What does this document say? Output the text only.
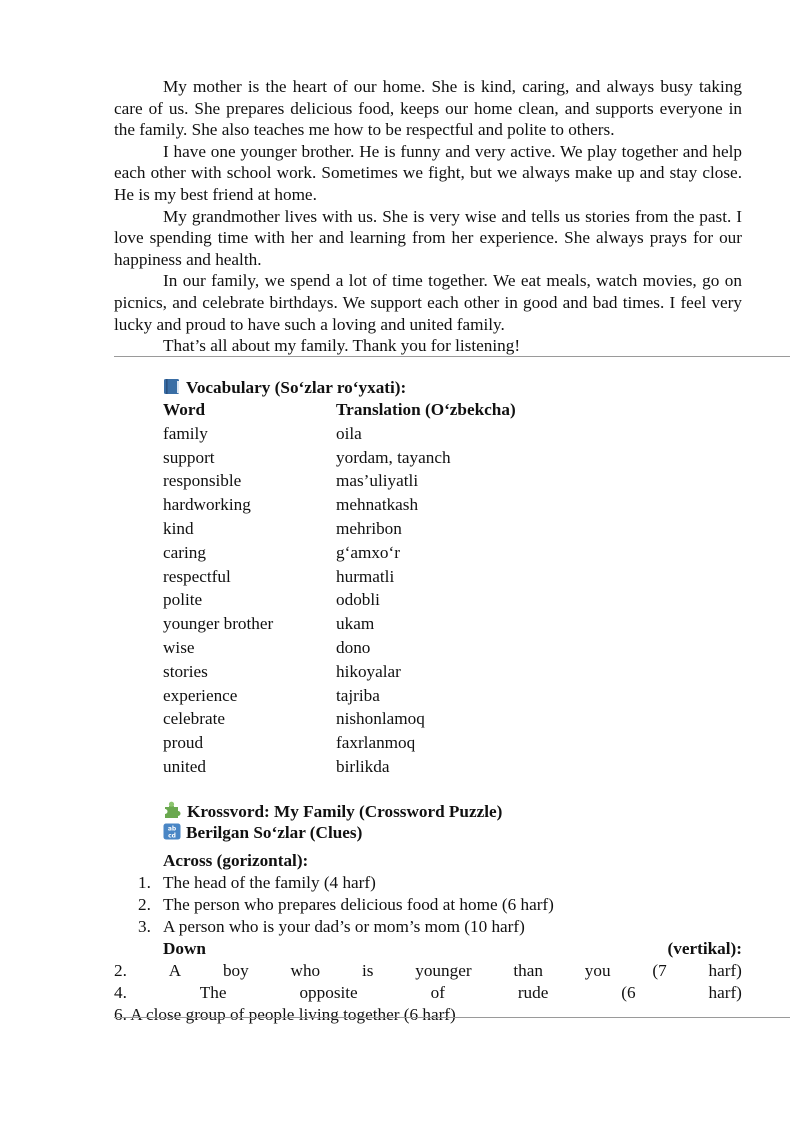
My mother is the heart of our home. She is kind, caring, and always busy taking care of us. She prepares delicious food, keeps our home clean, and supports everyone in the family. She also teaches me how to be respectful and polite to others.

I have one younger brother. He is funny and very active. We play together and help each other with school work. Sometimes we fight, but we always make up and stay close. He is my best friend at home.

My grandmother lives with us. She is very wise and tells us stories from the past. I love spending time with her and learning from her experience. She always prays for our happiness and health.

In our family, we spend a lot of time together. We eat meals, watch movies, go on picnics, and celebrate birthdays. We support each other in good and bad times. I feel very lucky and proud to have such a loving and united family.

That’s all about my family. Thank you for listening!
Vocabulary (So‘zlar ro‘yxati):
Word	Translation (O‘zbekcha)
family	oila
support	yordam, tayanch
responsible	mas’uliyatli
hardworking	mehnatkash
kind	mehribon
caring	g‘amxo‘r
respectful	hurmatli
polite	odobli
younger brother	ukam
wise	dono
stories	hikoyalar
experience	tajriba
celebrate	nishonlamoq
proud	faxrlanmoq
united	birlikda
Krossvord: My Family (Crossword Puzzle)
ab
cd Berilgan So‘zlar (Clues)
Across (gorizontal):
1. The head of the family (4 harf)
2. The person who prepares delicious food at home (6 harf)
3. A person who is your dad’s or mom’s mom (10 harf)
Down	(vertikal):
2. A boy who is younger than you (7 harf)
4.	The	opposite	of	rude	(6	harf)
6. A close group of people living together (6 harf)
